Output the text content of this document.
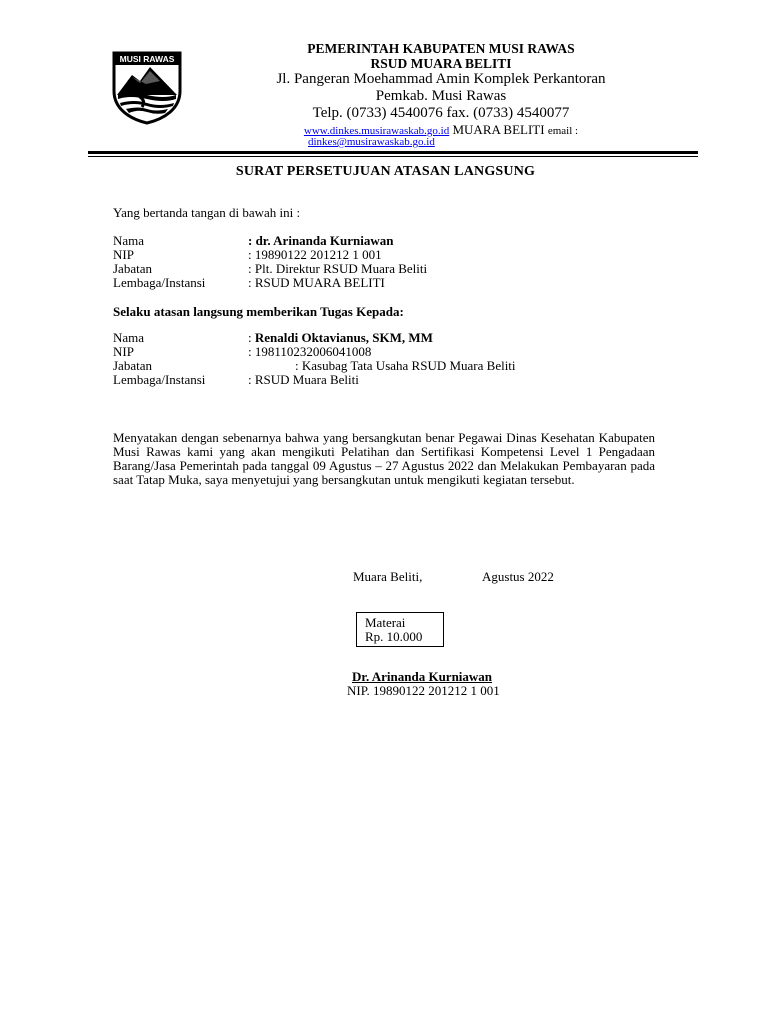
MUSI RAWAS
PEMERINTAH KABUPATEN MUSI RAWAS
RSUD MUARA BELITI
Jl. Pangeran Moehammad Amin Komplek Perkantoran
Pemkab. Musi Rawas
Telp. (0733) 4540076 fax. (0733) 4540077
www.dinkes.musirawaskab.go.id MUARA BELITI email :
dinkes@musirawaskab.go.id
SURAT PERSETUJUAN ATASAN LANGSUNG
Yang bertanda tangan di bawah ini :
Nama	: dr. Arinanda Kurniawan
NIP	: 19890122 201212 1 001
Jabatan	: Plt. Direktur RSUD Muara Beliti
Lembaga/Instansi	: RSUD MUARA BELITI
Selaku atasan langsung memberikan Tugas Kepada:
Nama	: Renaldi Oktavianus, SKM, MM
NIP	: 198110232006041008
Jabatan	: Kasubag Tata Usaha RSUD Muara Beliti
Lembaga/Instansi	: RSUD Muara Beliti
Menyatakan dengan sebenarnya bahwa yang bersangkutan benar Pegawai Dinas Kesehatan Kabupaten Musi Rawas kami yang akan mengikuti Pelatihan dan Sertifikasi Kompetensi Level 1 Pengadaan Barang/Jasa Pemerintah pada tanggal 09 Agustus – 27 Agustus 2022 dan Melakukan Pembayaran pada saat Tatap Muka, saya menyetujui yang bersangkutan untuk mengikuti kegiatan tersebut.
Muara Beliti,	Agustus 2022
Materai
Rp. 10.000
Dr. Arinanda Kurniawan
NIP. 19890122 201212 1 001
